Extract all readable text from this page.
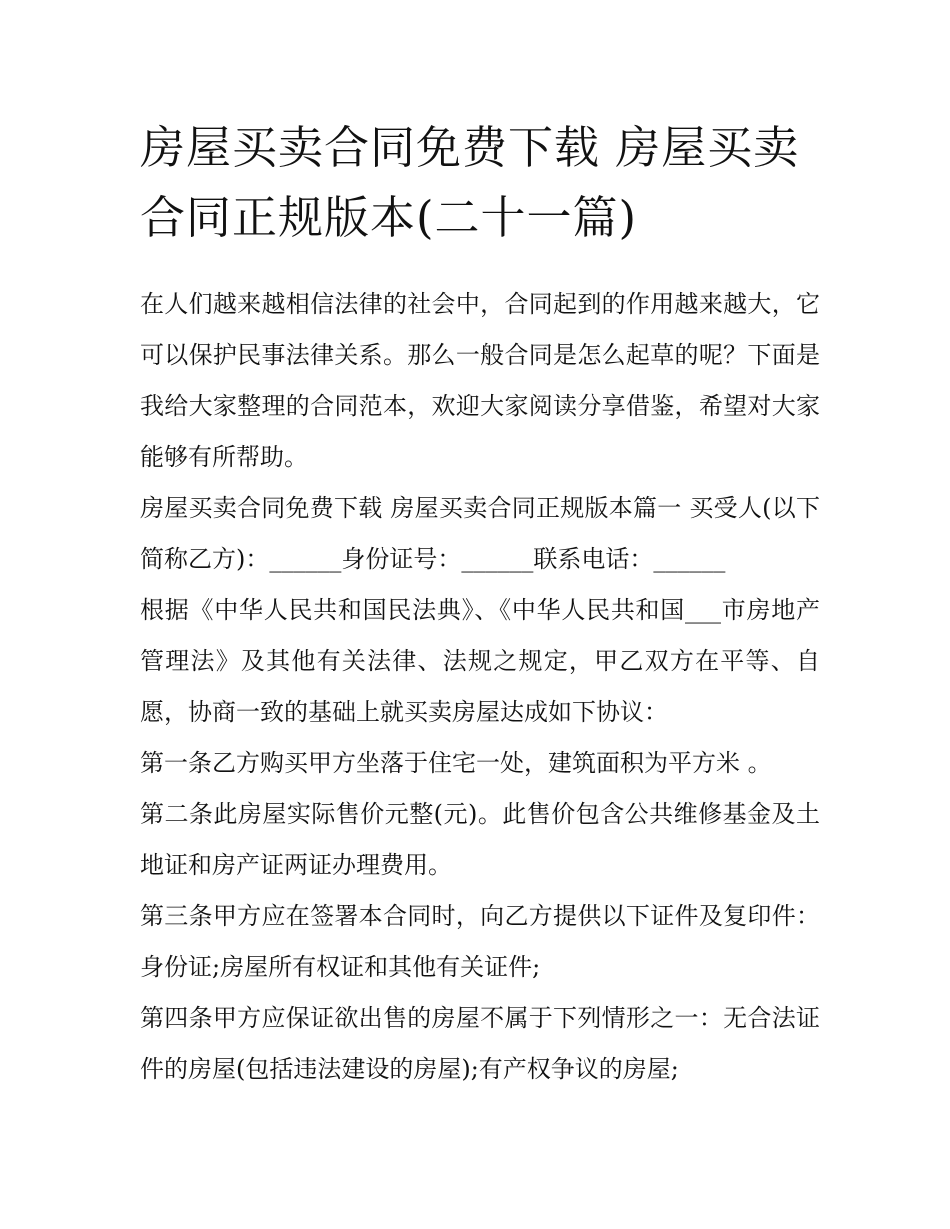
房屋买卖合同免费下载 房屋买卖合同正规版本(二十一篇)

在人们越来越相信法律的社会中，合同起到的作用越来越大，它可以保护民事法律关系。那么一般合同是怎么起草的呢？下面是我给大家整理的合同范本，欢迎大家阅读分享借鉴，希望对大家能够有所帮助。

房屋买卖合同免费下载 房屋买卖合同正规版本篇一 买受人(以下简称乙方)：______身份证号：______联系电话：______

根据《中华人民共和国民法典》、《中华人民共和国___市房地产管理法》及其他有关法律、法规之规定，甲乙双方在平等、自愿，协商一致的基础上就买卖房屋达成如下协议：

第一条乙方购买甲方坐落于住宅一处，建筑面积为平方米 。

第二条此房屋实际售价元整(元)。此售价包含公共维修基金及土地证和房产证两证办理费用。

第三条甲方应在签署本合同时，向乙方提供以下证件及复印件：身份证;房屋所有权证和其他有关证件;

第四条甲方应保证欲出售的房屋不属于下列情形之一：无合法证件的房屋(包括违法建设的房屋);有产权争议的房屋;
